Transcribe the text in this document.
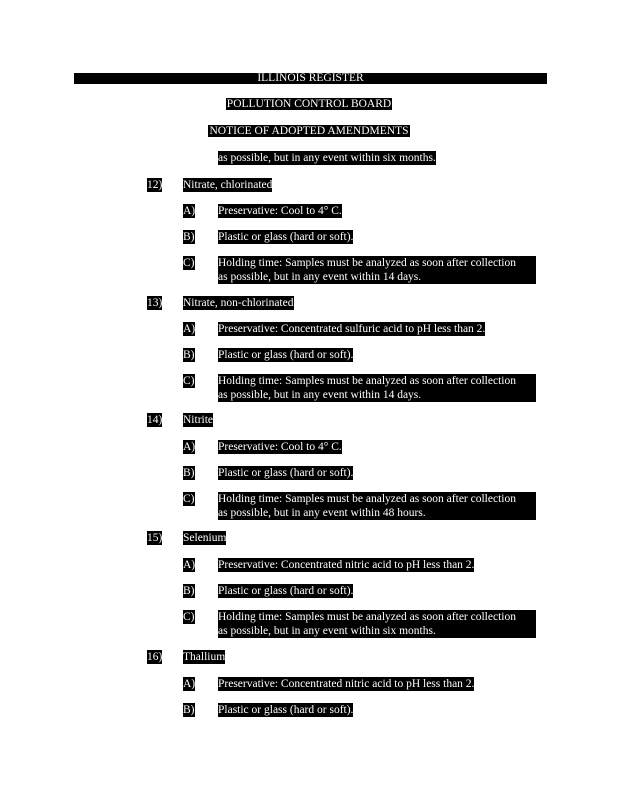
ILLINOIS REGISTER
POLLUTION CONTROL BOARD
NOTICE OF ADOPTED AMENDMENTS
as possible, but in any event within six months.
12) Nitrate, chlorinated
A) Preservative: Cool to 4° C.
B) Plastic or glass (hard or soft).
C) Holding time: Samples must be analyzed as soon after collection
as possible, but in any event within 14 days.
13) Nitrate, non-chlorinated
A) Preservative: Concentrated sulfuric acid to pH less than 2.
B) Plastic or glass (hard or soft).
C) Holding time: Samples must be analyzed as soon after collection
as possible, but in any event within 14 days.
14) Nitrite
A) Preservative: Cool to 4° C.
B) Plastic or glass (hard or soft).
C) Holding time: Samples must be analyzed as soon after collection
as possible, but in any event within 48 hours.
15) Selenium
A) Preservative: Concentrated nitric acid to pH less than 2.
B) Plastic or glass (hard or soft).
C) Holding time: Samples must be analyzed as soon after collection
as possible, but in any event within six months.
16) Thallium
A) Preservative: Concentrated nitric acid to pH less than 2.
B) Plastic or glass (hard or soft).
